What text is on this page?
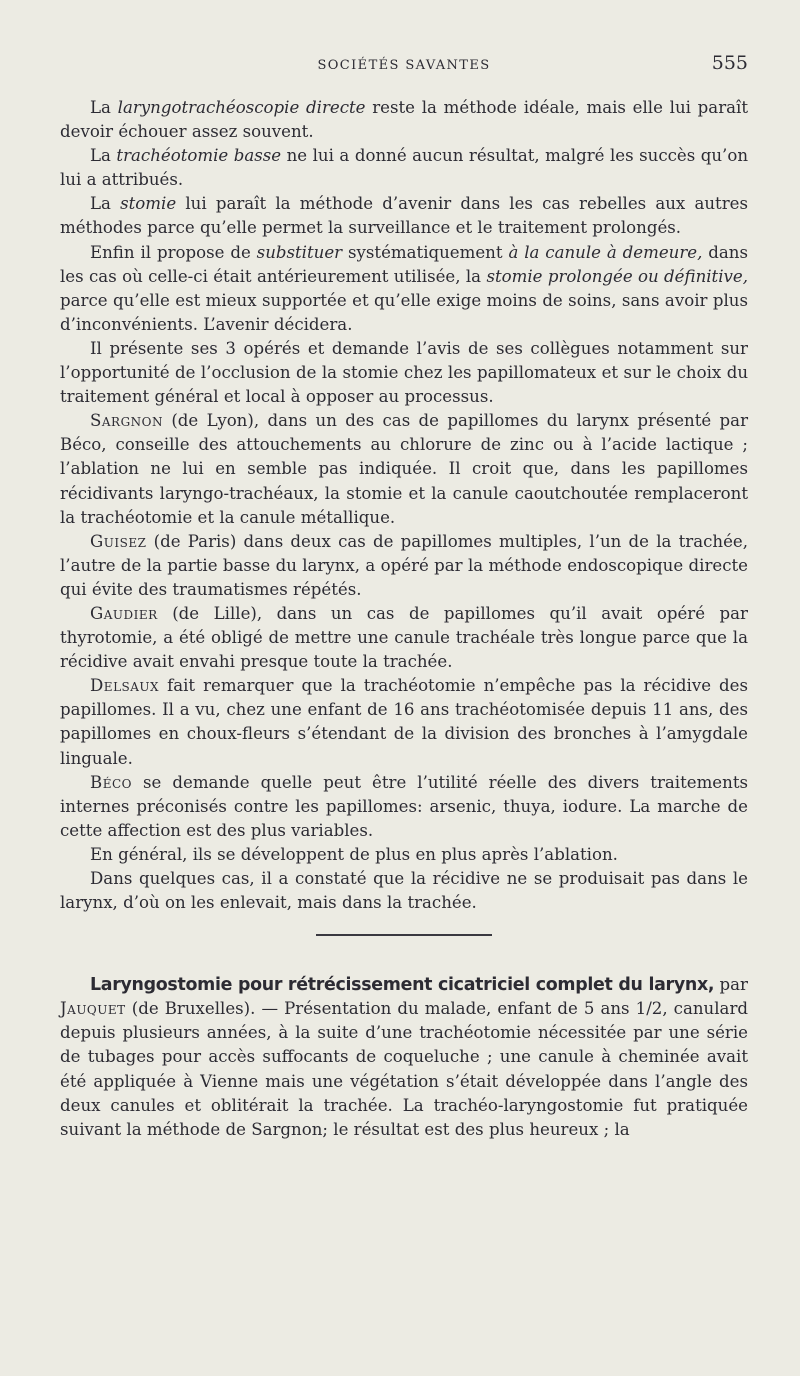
SOCIÉTÉS SAVANTES	555

La laryngotrachéoscopie directe reste la méthode idéale, mais elle lui paraît devoir échouer assez souvent.

La trachéotomie basse ne lui a donné aucun résultat, malgré les succès qu’on lui a attribués.

La stomie lui paraît la méthode d’avenir dans les cas rebelles aux autres méthodes parce qu’elle permet la surveillance et le traitement prolongés.

Enfin il propose de substituer systématiquement à la canule à demeure, dans les cas où celle-ci était antérieurement utilisée, la stomie prolongée ou définitive, parce qu’elle est mieux supportée et qu’elle exige moins de soins, sans avoir plus d’inconvénients. L’avenir décidera.

Il présente ses 3 opérés et demande l’avis de ses collègues notamment sur l’opportunité de l’occlusion de la stomie chez les papillomateux et sur le choix du traitement général et local à opposer au processus.

Sargnon (de Lyon), dans un des cas de papillomes du larynx présenté par Béco, conseille des attouchements au chlorure de zinc ou à l’acide lactique ; l’ablation ne lui en semble pas indiquée. Il croit que, dans les papillomes récidivants laryngo-trachéaux, la stomie et la canule caoutchoutée remplaceront la trachéotomie et la canule métallique.

Guisez (de Paris) dans deux cas de papillomes multiples, l’un de la trachée, l’autre de la partie basse du larynx, a opéré par la méthode endoscopique directe qui évite des traumatismes répétés.

Gaudier (de Lille), dans un cas de papillomes qu’il avait opéré par thyrotomie, a été obligé de mettre une canule trachéale très longue parce que la récidive avait envahi presque toute la trachée.

Delsaux fait remarquer que la trachéotomie n’empêche pas la récidive des papillomes. Il a vu, chez une enfant de 16 ans trachéotomisée depuis 11 ans, des papillomes en choux-fleurs s’étendant de la division des bronches à l’amygdale linguale.

Béco se demande quelle peut être l’utilité réelle des divers traitements internes préconisés contre les papillomes: arsenic, thuya, iodure. La marche de cette affection est des plus variables.

En général, ils se développent de plus en plus après l’ablation.

Dans quelques cas, il a constaté que la récidive ne se produisait pas dans le larynx, d’où on les enlevait, mais dans la trachée.

Laryngostomie pour rétrécissement cicatriciel complet du larynx, par Jauquet (de Bruxelles). — Présentation du malade, enfant de 5 ans 1/2, canulard depuis plusieurs années, à la suite d’une trachéotomie nécessitée par une série de tubages pour accès suffocants de coqueluche ; une canule à cheminée avait été appliquée à Vienne mais une végétation s’était développée dans l’angle des deux canules et oblitérait la trachée. La trachéo-laryngostomie fut pratiquée suivant la méthode de Sargnon; le résultat est des plus heureux ; la
